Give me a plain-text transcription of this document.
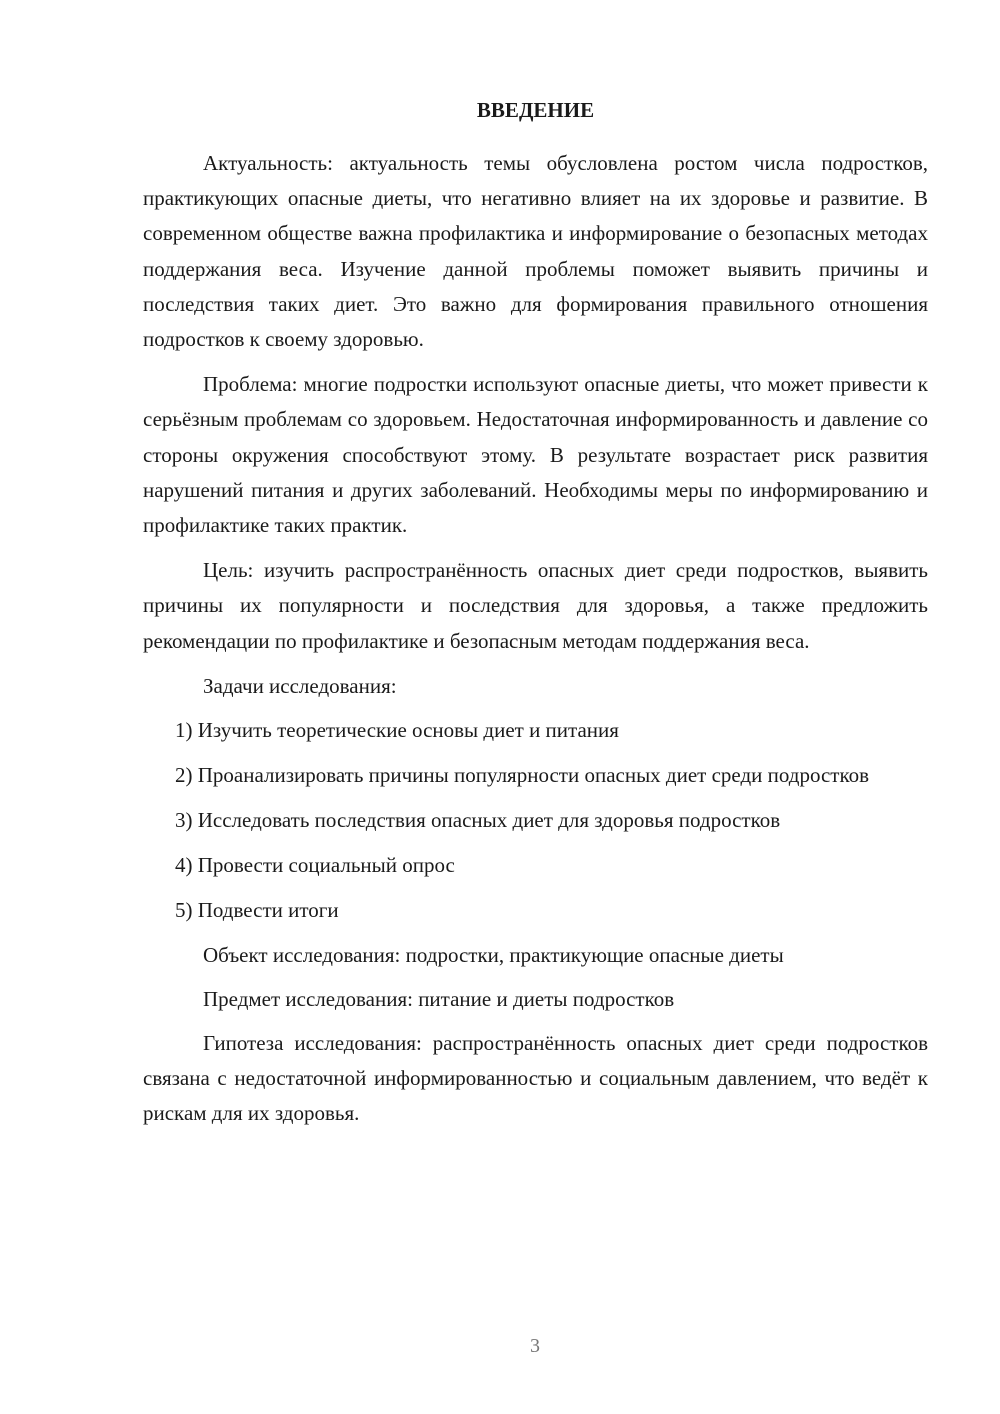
ВВЕДЕНИЕ

Актуальность: актуальность темы обусловлена ростом числа подростков, практикующих опасные диеты, что негативно влияет на их здоровье и развитие. В современном обществе важна профилактика и информирование о безопасных методах поддержания веса. Изучение данной проблемы поможет выявить причины и последствия таких диет. Это важно для формирования правильного отношения подростков к своему здоровью.

Проблема: многие подростки используют опасные диеты, что может привести к серьёзным проблемам со здоровьем. Недостаточная информированность и давление со стороны окружения способствуют этому. В результате возрастает риск развития нарушений питания и других заболеваний. Необходимы меры по информированию и профилактике таких практик.

Цель: изучить распространённость опасных диет среди подростков, выявить причины их популярности и последствия для здоровья, а также предложить рекомендации по профилактике и безопасным методам поддержания веса.

Задачи исследования:

1) Изучить теоретические основы диет и питания

2) Проанализировать причины популярности опасных диет среди подростков

3) Исследовать последствия опасных диет для здоровья подростков

4) Провести социальный опрос

5) Подвести итоги

Объект исследования: подростки, практикующие опасные диеты

Предмет исследования: питание и диеты подростков

Гипотеза исследования: распространённость опасных диет среди подростков связана с недостаточной информированностью и социальным давлением, что ведёт к рискам для их здоровья.

3
